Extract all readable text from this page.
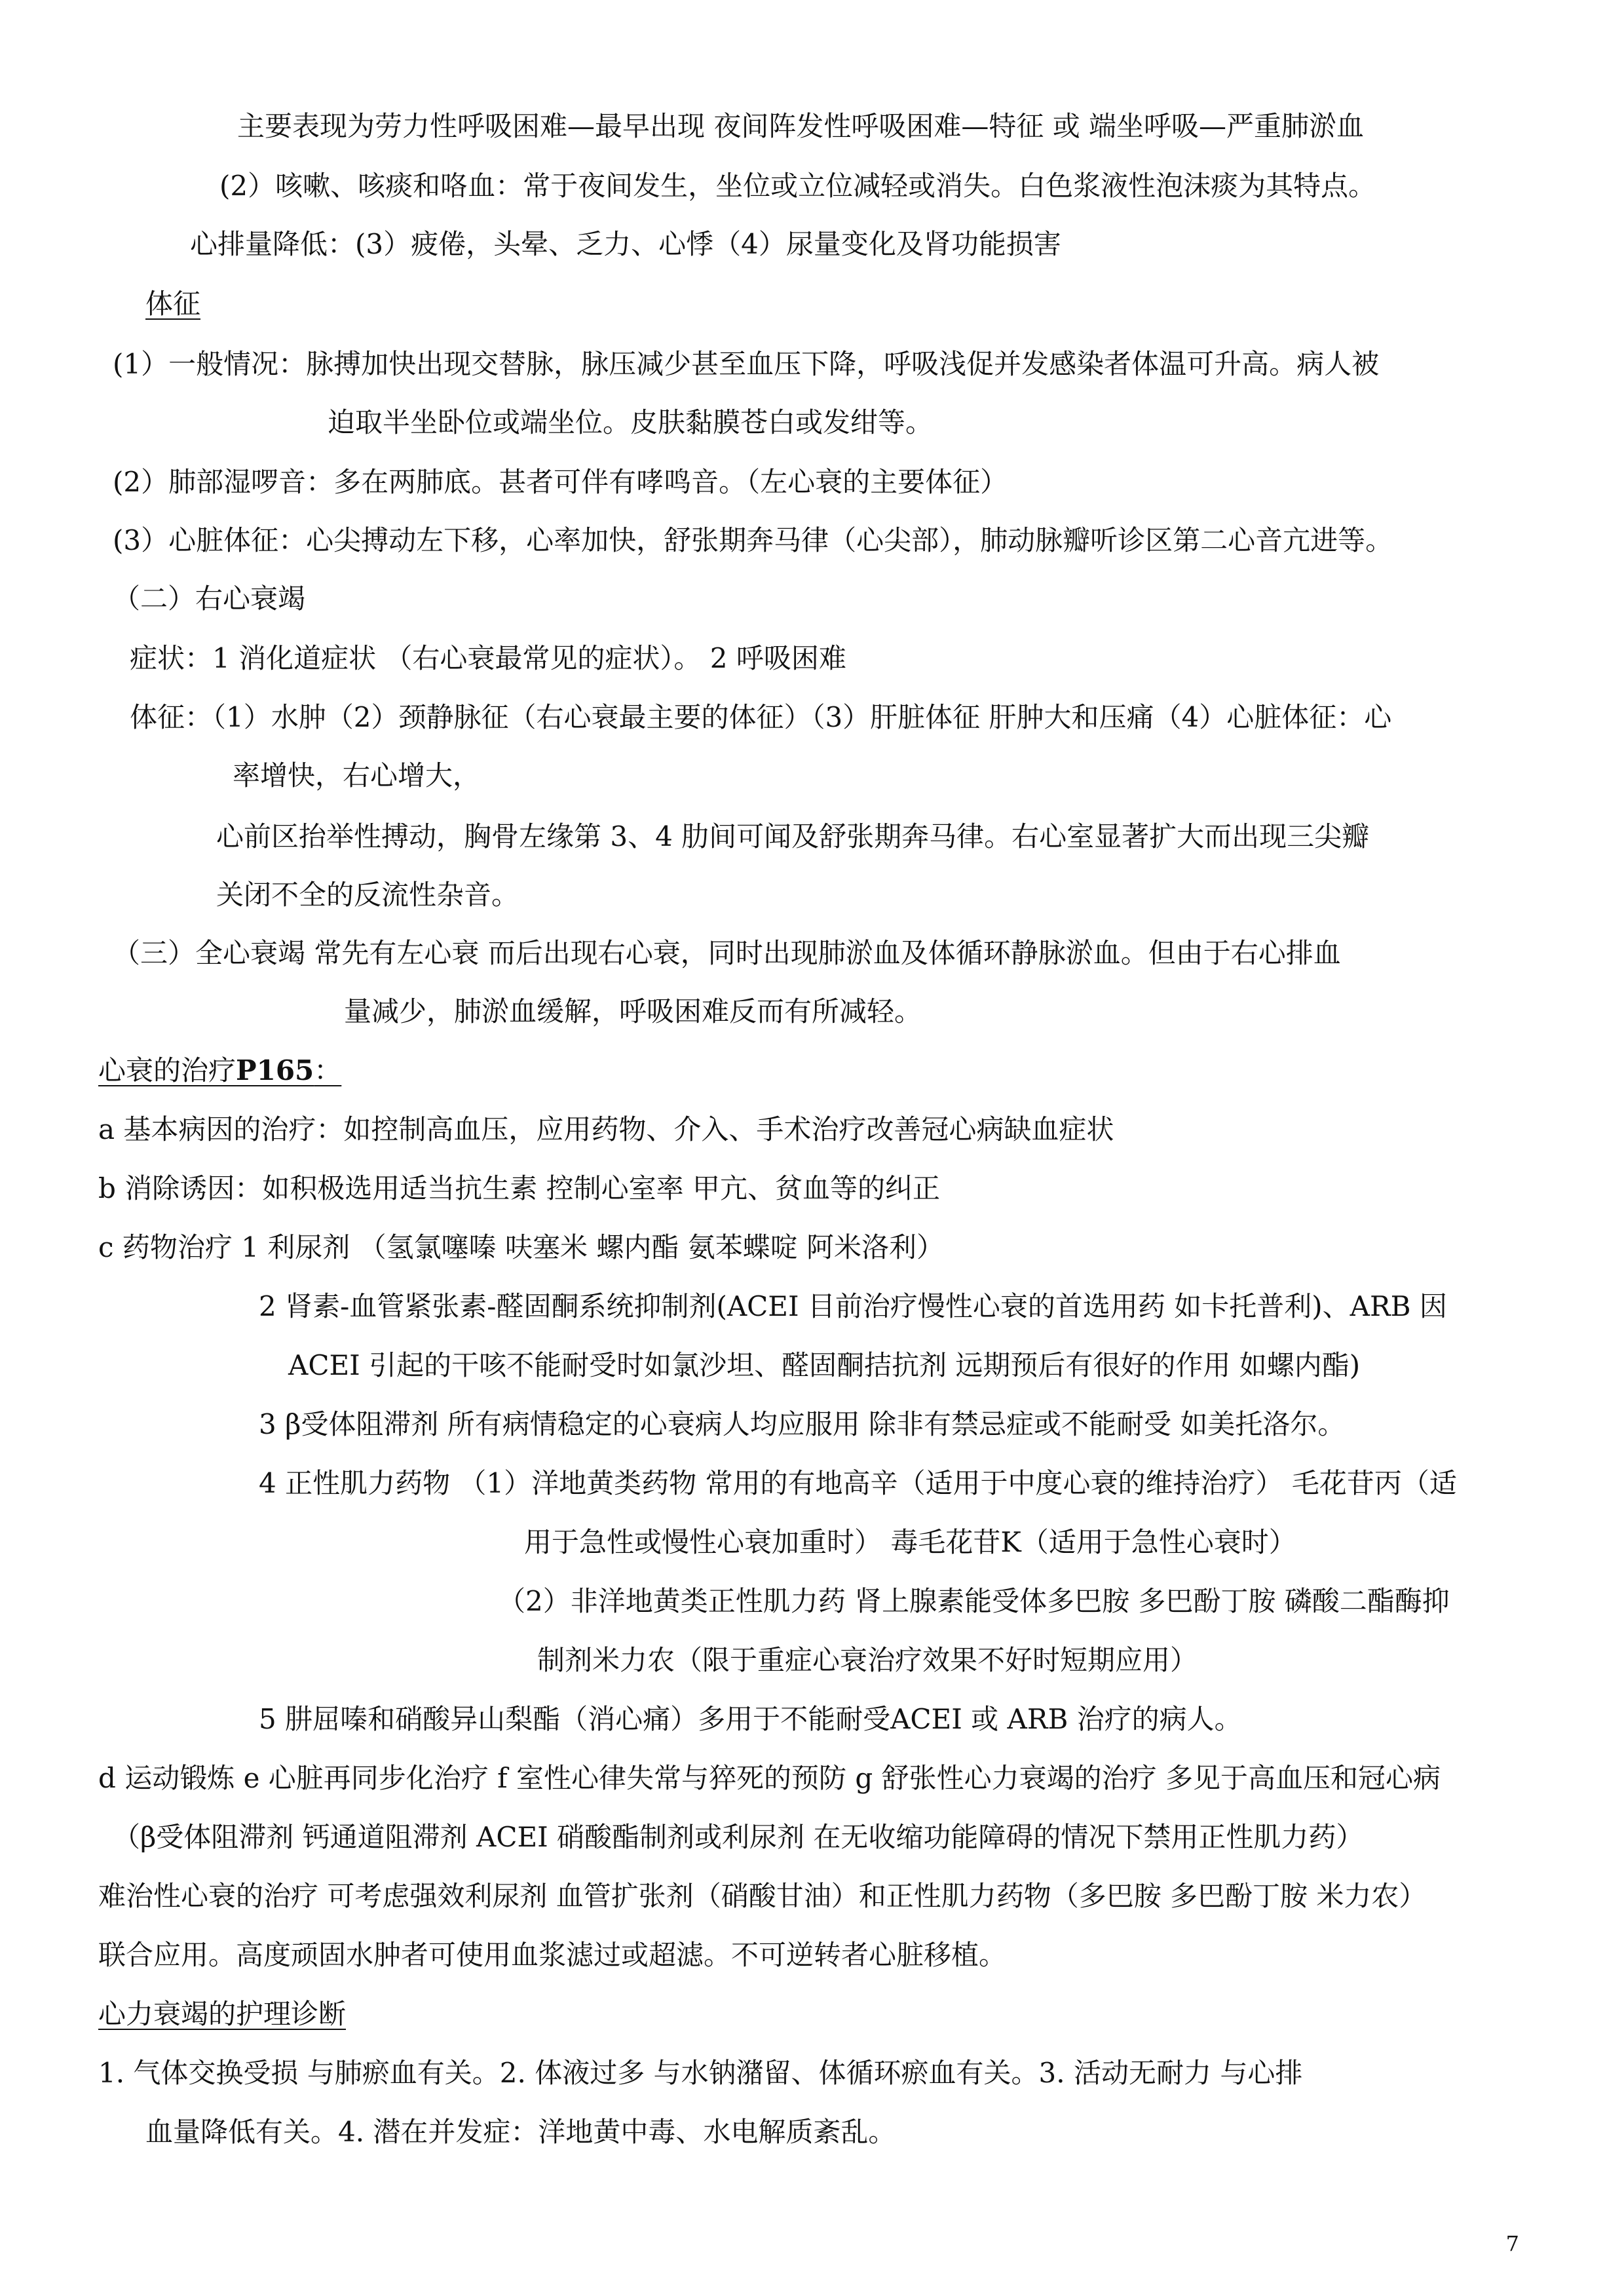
主要表现为劳力性呼吸困难—最早出现 夜间阵发性呼吸困难—特征 或 端坐呼吸—严重肺淤血
(2）咳嗽、咳痰和咯血：常于夜间发生，坐位或立位减轻或消失。白色浆液性泡沫痰为其特点。
心排量降低：(3）疲倦，头晕、乏力、心悸（4）尿量变化及肾功能损害
体征
(1）一般情况：脉搏加快出现交替脉，脉压减少甚至血压下降，呼吸浅促并发感染者体温可升高。病人被
迫取半坐卧位或端坐位。皮肤黏膜苍白或发绀等。
(2）肺部湿啰音：多在两肺底。甚者可伴有哮鸣音。（左心衰的主要体征）
(3）心脏体征：心尖搏动左下移，心率加快，舒张期奔马律（心尖部），肺动脉瓣听诊区第二心音亢进等。
（二）右心衰竭
症状：1 消化道症状 （右心衰最常见的症状）。 2 呼吸困难
体征：（1）水肿（2）颈静脉征（右心衰最主要的体征）（3）肝脏体征 肝肿大和压痛（4）心脏体征：心
率增快，右心增大，
心前区抬举性搏动，胸骨左缘第 3、4 肋间可闻及舒张期奔马律。右心室显著扩大而出现三尖瓣
关闭不全的反流性杂音。
（三）全心衰竭 常先有左心衰 而后出现右心衰，同时出现肺淤血及体循环静脉淤血。但由于右心排血
量减少，肺淤血缓解，呼吸困难反而有所减轻。
心衰的治疗P165：
a 基本病因的治疗：如控制高血压，应用药物、介入、手术治疗改善冠心病缺血症状
b 消除诱因：如积极选用适当抗生素 控制心室率 甲亢、贫血等的纠正
c 药物治疗 1 利尿剂 （氢氯噻嗪 呋塞米 螺内酯 氨苯蝶啶 阿米洛利）
2 肾素-血管紧张素-醛固酮系统抑制剂(ACEI 目前治疗慢性心衰的首选用药 如卡托普利)、ARB 因
ACEI 引起的干咳不能耐受时如氯沙坦、醛固酮拮抗剂 远期预后有很好的作用 如螺内酯)
3 β受体阻滞剂 所有病情稳定的心衰病人均应服用 除非有禁忌症或不能耐受 如美托洛尔。
4 正性肌力药物 （1）洋地黄类药物 常用的有地高辛（适用于中度心衰的维持治疗） 毛花苷丙（适
用于急性或慢性心衰加重时） 毒毛花苷K（适用于急性心衰时）
（2）非洋地黄类正性肌力药 肾上腺素能受体多巴胺 多巴酚丁胺 磷酸二酯酶抑
制剂米力农（限于重症心衰治疗效果不好时短期应用）
5 肼屈嗪和硝酸异山梨酯（消心痛）多用于不能耐受ACEI 或 ARB 治疗的病人。
d 运动锻炼 e 心脏再同步化治疗 f 室性心律失常与猝死的预防 g 舒张性心力衰竭的治疗 多见于高血压和冠心病
（β受体阻滞剂 钙通道阻滞剂 ACEI 硝酸酯制剂或利尿剂 在无收缩功能障碍的情况下禁用正性肌力药）
难治性心衰的治疗 可考虑强效利尿剂 血管扩张剂（硝酸甘油）和正性肌力药物（多巴胺 多巴酚丁胺 米力农）
联合应用。高度顽固水肿者可使用血浆滤过或超滤。不可逆转者心脏移植。
心力衰竭的护理诊断
1. 气体交换受损 与肺瘀血有关。2. 体液过多 与水钠潴留、体循环瘀血有关。3. 活动无耐力 与心排
血量降低有关。4. 潜在并发症：洋地黄中毒、水电解质紊乱。
7
